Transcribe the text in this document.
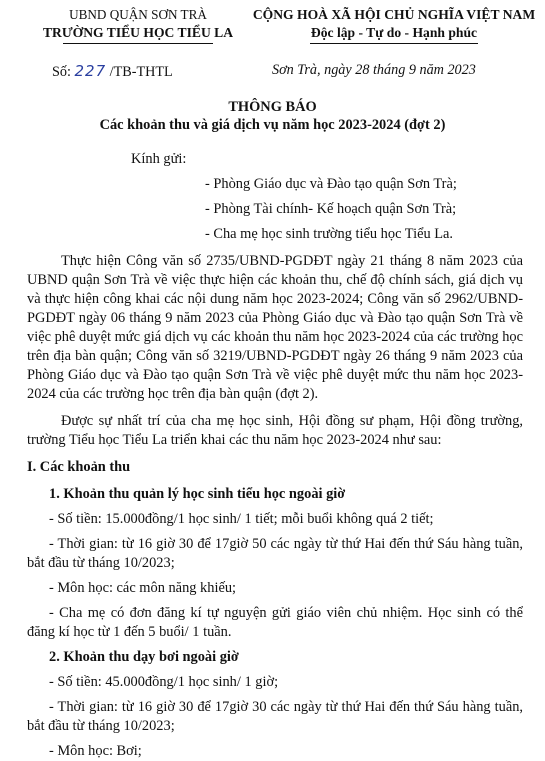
UBND QUẬN SƠN TRÀ
TRƯỜNG TIỂU HỌC TIỂU LA
CỘNG HOÀ XÃ HỘI CHỦ NGHĨA VIỆT NAM
Độc lập - Tự do - Hạnh phúc
Số: 227 /TB-THTL	Sơn Trà, ngày 28 tháng 9 năm 2023
THÔNG BÁO
Các khoản thu và giá dịch vụ năm học 2023-2024 (đợt 2)

Kính gửi:

- Phòng Giáo dục và Đào tạo quận Sơn Trà;

- Phòng Tài chính- Kế hoạch quận Sơn Trà;

- Cha mẹ học sinh trường tiểu học Tiểu La.

Thực hiện Công văn số 2735/UBND-PGDĐT ngày 21 tháng 8 năm 2023 của UBND quận Sơn Trà về việc thực hiện các khoản thu, chế độ chính sách, giá dịch vụ và thực hiện công khai các nội dung năm học 2023-2024; Công văn số 2962/UBND-PGDĐT ngày 06 tháng 9 năm 2023 của Phòng Giáo dục và Đào tạo quận Sơn Trà về việc phê duyệt mức giá dịch vụ các khoản thu năm học 2023-2024 của các trường học trên địa bàn quận; Công văn số 3219/UBND-PGDĐT ngày 26 tháng 9 năm 2023 của Phòng Giáo dục và Đào tạo quận Sơn Trà về việc phê duyệt mức thu năm học 2023-2024 của các trường học trên địa bàn quận (đợt 2).

Được sự nhất trí của cha mẹ học sinh, Hội đồng sư phạm, Hội đồng trường, trường Tiểu học Tiểu La triển khai các thu năm học 2023-2024 như sau:

I. Các khoản thu

1. Khoản thu quản lý học sinh tiểu học ngoài giờ

- Số tiền: 15.000đồng/1 học sinh/ 1 tiết; mỗi buổi không quá 2 tiết;

- Thời gian: từ 16 giờ 30 để 17giờ 50 các ngày từ thứ Hai đến thứ Sáu hàng tuần, bắt đầu từ tháng 10/2023;

- Môn học: các môn năng khiếu;

- Cha mẹ có đơn đăng kí tự nguyện gửi giáo viên chủ nhiệm. Học sinh có thể đăng kí học từ 1 đến 5 buổi/ 1 tuần.

2. Khoản thu dạy bơi ngoài giờ

- Số tiền: 45.000đồng/1 học sinh/ 1 giờ;

- Thời gian: từ 16 giờ 30 để 17giờ 30 các ngày từ thứ Hai đến thứ Sáu hàng tuần, bắt đầu từ tháng 10/2023;

- Môn học: Bơi;
